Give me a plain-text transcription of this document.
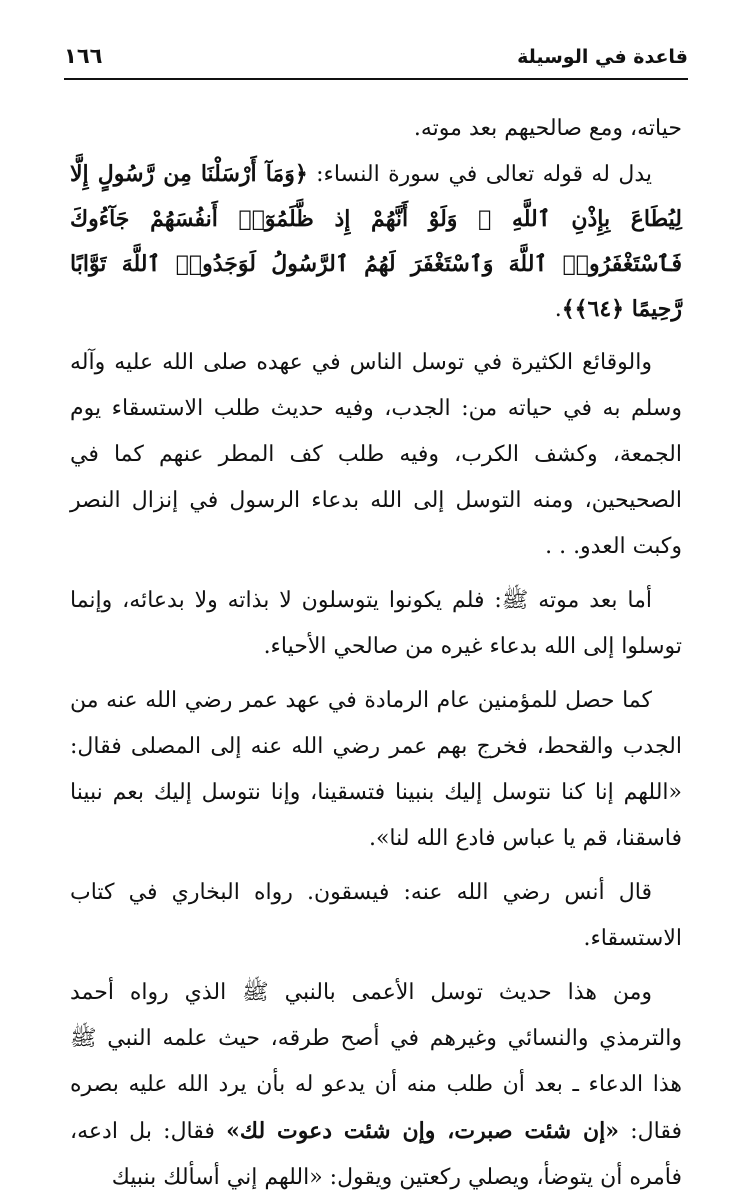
قاعدة في الوسيلة
١٦٦

حياته، ومع صالحيهم بعد موته.

يدل له قوله تعالى في سورة النساء: ﴿وَمَآ أَرْسَلْنَا مِن رَّسُولٍ إِلَّا لِيُطَاعَ بِإِذْنِ ٱللَّهِ ۚ وَلَوْ أَنَّهُمْ إِذ ظَّلَمُوٓا۟ أَنفُسَهُمْ جَآءُوكَ فَٱسْتَغْفَرُوا۟ ٱللَّهَ وَٱسْتَغْفَرَ لَهُمُ ٱلرَّسُولُ لَوَجَدُوا۟ ٱللَّهَ تَوَّابًا رَّحِيمًا ﴿٦٤﴾﴾.

والوقائع الكثيرة في توسل الناس في عهده صلى الله عليه وآله وسلم به في حياته من: الجدب، وفيه حديث طلب الاستسقاء يوم الجمعة، وكشف الكرب، وفيه طلب كف المطر عنهم كما في الصحيحين، ومنه التوسل إلى الله بدعاء الرسول في إنزال النصر وكبت العدو. . .

أما بعد موته ﷺ: فلم يكونوا يتوسلون لا بذاته ولا بدعائه، وإنما توسلوا إلى الله بدعاء غيره من صالحي الأحياء.

كما حصل للمؤمنين عام الرمادة في عهد عمر رضي الله عنه من الجدب والقحط، فخرج بهم عمر رضي الله عنه إلى المصلى فقال: «اللهم إنا كنا نتوسل إليك بنبينا فتسقينا، وإنا نتوسل إليك بعم نبينا فاسقنا، قم يا عباس فادع الله لنا».

قال أنس رضي الله عنه: فيسقون. رواه البخاري في كتاب الاستسقاء.

ومن هذا حديث توسل الأعمى بالنبي ﷺ الذي رواه أحمد والترمذي والنسائي وغيرهم في أصح طرقه، حيث علمه النبي ﷺ هذا الدعاء ـ بعد أن طلب منه أن يدعو له بأن يرد الله عليه بصره فقال: «إن شئت صبرت، وإن شئت دعوت لك» فقال: بل ادعه، فأمره أن يتوضأ، ويصلي ركعتين ويقول: «اللهم إني أسألك بنبيك
